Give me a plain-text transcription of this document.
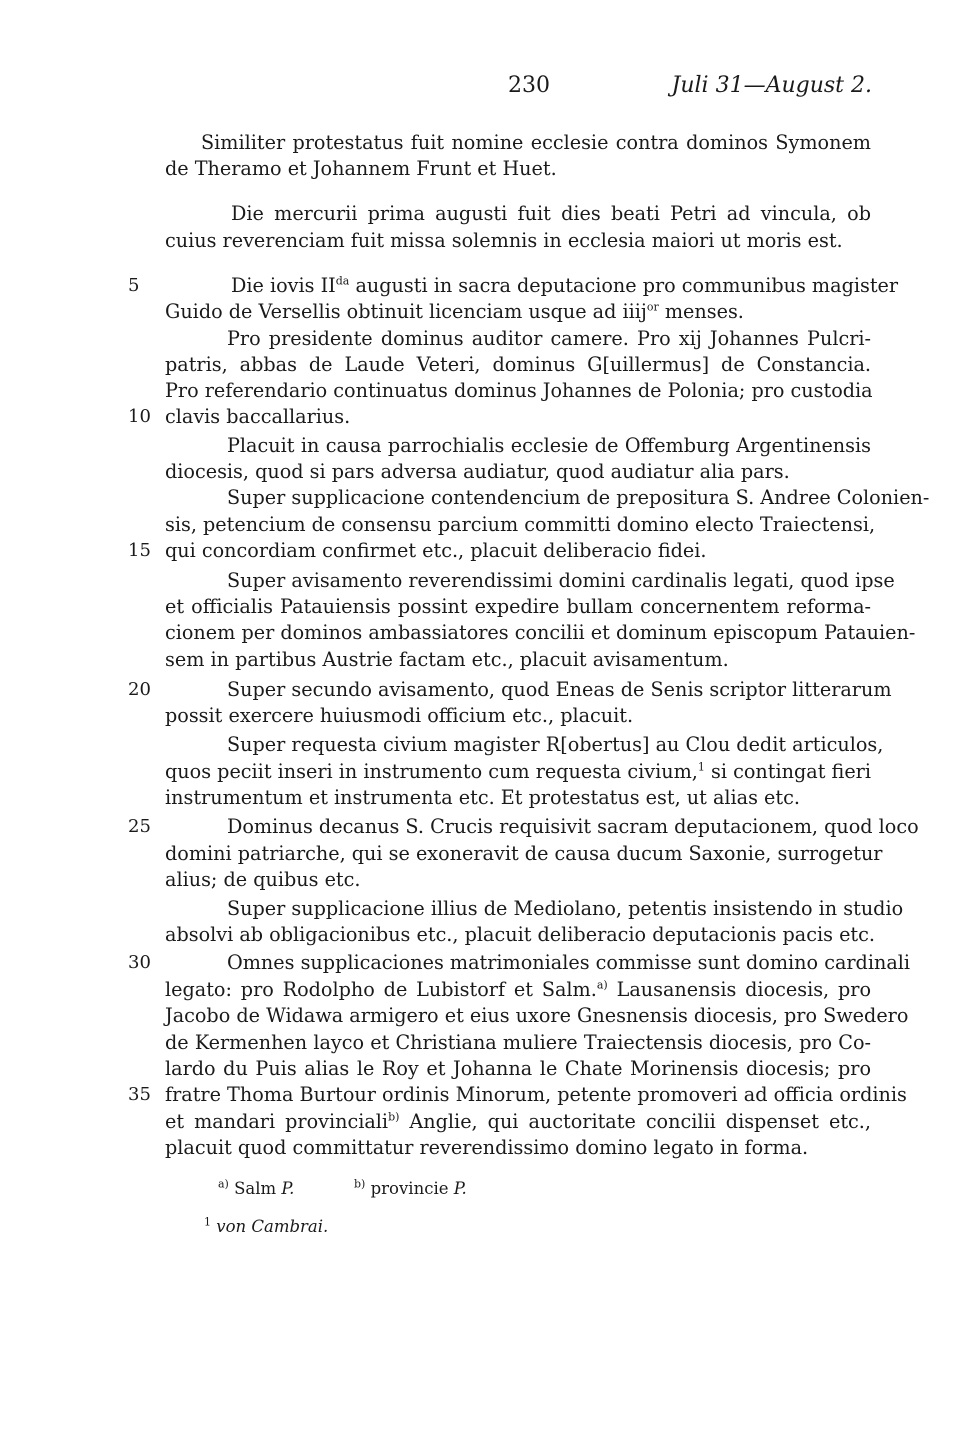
230	Juli 31—August 2.
Similiter protestatus fuit nomine ecclesie contra dominos Symonem
de Theramo et Johannem Frunt et Huet.
Die mercurii prima augusti fuit dies beati Petri ad vincula, ob
cuius reverenciam fuit missa solemnis in ecclesia maiori ut moris est.
Die iovis $II^{da}$ augusti in sacra deputacione pro communibus magister
Guido de Versellis obtinuit licenciam usque ad iiij$^{or}$ menses.
Pro presidente dominus auditor camere. Pro xij Johannes Pulcri-
patris, abbas de Laude Veteri, dominus G[uillermus] de Constancia.
Pro referendario continuatus dominus Johannes de Polonia; pro custodia
clavis baccallarius.
Placuit in causa parrochialis ecclesie de Offemburg Argentinensis
diocesis, quod si pars adversa audiatur, quod audiatur alia pars.
Super supplicacione contendencium de prepositura S. Andree Colonien-
sis, petencium de consensu parcium committi domino electo Traiectensi,
qui concordiam confirmet etc., placuit deliberacio fidei.
Super avisamento reverendissimi domini cardinalis legati, quod ipse
et officialis Patauiensis possint expedire bullam concernentem reforma-
cionem per dominos ambassiatores concilii et dominum episcopum Patauien-
sem in partibus Austrie factam etc., placuit avisamentum.
Super secundo avisamento, quod Eneas de Senis scriptor litterarum
possit exercere huiusmodi officium etc., placuit.
Super requesta civium magister R[obertus] au Clou dedit articulos,
quos peciit inseri in instrumento cum requesta civium,$^1$ si contingat fieri
instrumentum et instrumenta etc. Et protestatus est, ut alias etc.
Dominus decanus S. Crucis requisivit sacram deputacionem, quod loco
domini patriarche, qui se exoneravit de causa ducum Saxonie, surrogetur
alius; de quibus etc.
Super supplicacione illius de Mediolano, petentis insistendo in studio
absolvi ab obligacionibus etc., placuit deliberacio deputacionis pacis etc.
Omnes supplicaciones matrimoniales commisse sunt domino cardinali
legato: pro Rodolpho de Lubistorf et Salm.$^{a)}$ Lausanensis diocesis, pro
Jacobo de Widawa armigero et eius uxore Gnesnensis diocesis, pro Swedero
de Kermenhen layco et Christiana muliere Traiectensis diocesis, pro Co-
lardo du Puis alias le Roy et Johanna le Chate Morinensis diocesis; pro
fratre Thoma Burtour ordinis Minorum, petente promoveri ad officia ordinis
et mandari provinciali$^{b)}$ Anglie, qui auctoritate concilii dispenset etc.,
placuit quod committatur reverendissimo domino legato in forma.
5
10
15
20
25
30
35
$^{a)}$ Salm P.	$^{b)}$ provincie P.
$^1$ von Cambrai.
